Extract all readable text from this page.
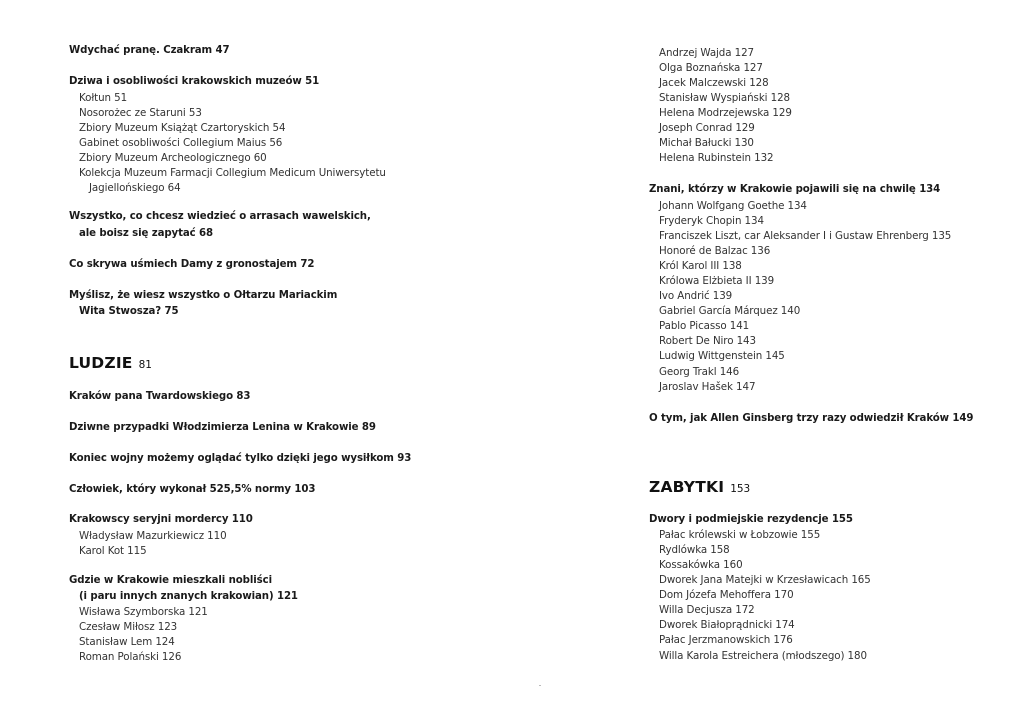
Wdychać pranę. Czakram 47
Dziwa i osobliwości krakowskich muzeów 51
Kołtun 51
Nosorożec ze Staruni 53
Zbiory Muzeum Książąt Czartoryskich 54
Gabinet osobliwości Collegium Maius 56
Zbiory Muzeum Archeologicznego 60
Kolekcja Muzeum Farmacji Collegium Medicum Uniwersytetu
Jagiellońskiego 64
Wszystko, co chcesz wiedzieć o arrasach wawelskich,
ale boisz się zapytać 68
Co skrywa uśmiech Damy z gronostajem 72
Myślisz, że wiesz wszystko o Ołtarzu Mariackim
Wita Stwosza? 75
LUDZIE 81
Kraków pana Twardowskiego 83
Dziwne przypadki Włodzimierza Lenina w Krakowie 89
Koniec wojny możemy oglądać tylko dzięki jego wysiłkom 93
Człowiek, który wykonał 525,5% normy 103
Krakowscy seryjni mordercy 110
Władysław Mazurkiewicz 110
Karol Kot 115
Gdzie w Krakowie mieszkali nobliści
(i paru innych znanych krakowian) 121
Wisława Szymborska 121
Czesław Miłosz 123
Stanisław Lem 124
Roman Polański 126
Andrzej Wajda 127
Olga Boznańska 127
Jacek Malczewski 128
Stanisław Wyspiański 128
Helena Modrzejewska 129
Joseph Conrad 129
Michał Bałucki 130
Helena Rubinstein 132
Znani, którzy w Krakowie pojawili się na chwilę 134
Johann Wolfgang Goethe 134
Fryderyk Chopin 134
Franciszek Liszt, car Aleksander I i Gustaw Ehrenberg 135
Honoré de Balzac 136
Król Karol III 138
Królowa Elżbieta II 139
Ivo Andrić 139
Gabriel García Márquez 140
Pablo Picasso 141
Robert De Niro 143
Ludwig Wittgenstein 145
Georg Trakl 146
Jaroslav Hašek 147
O tym, jak Allen Ginsberg trzy razy odwiedził Kraków 149
ZABYTKI 153
Dwory i podmiejskie rezydencje 155
Pałac królewski w Łobzowie 155
Rydlówka 158
Kossakówka 160
Dworek Jana Matejki w Krzesławicach 165
Dom Józefa Mehoffera 170
Willa Decjusza 172
Dworek Białoprądnicki 174
Pałac Jerzmanowskich 176
Willa Karola Estreichera (młodszego) 180
